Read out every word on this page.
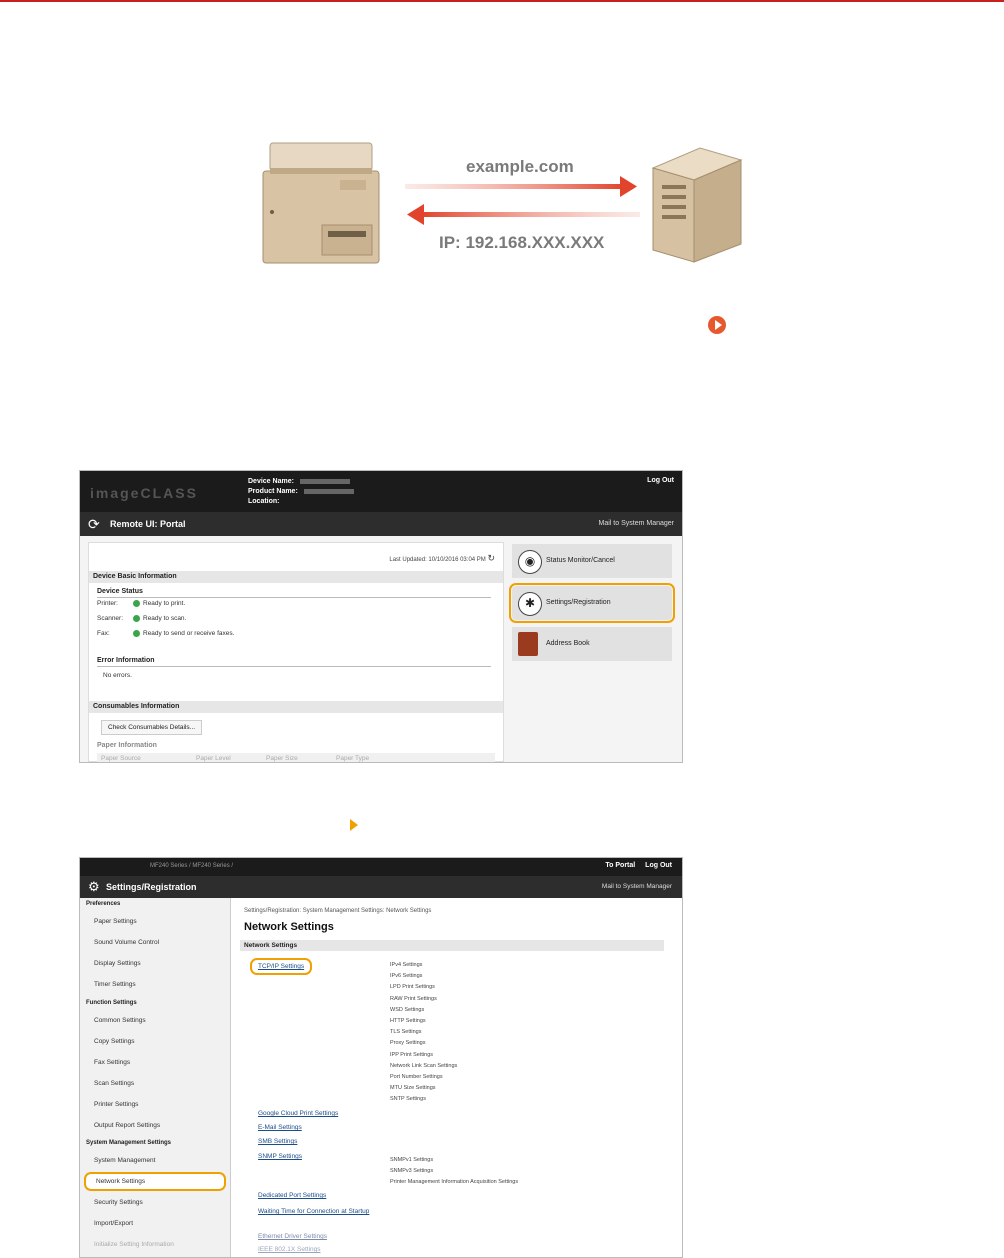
example.com
IP: 192.168.XXX.XXX
imageCLASS
Device Name:
Product Name:
Location:
Log Out
⟳ Remote UI: Portal	Mail to System Manager
Last Updated: 10/10/2016 03:04 PM ↻
Device Basic Information
Device Status
Printer:	Ready to print.
Scanner:	Ready to scan.
Fax:	Ready to send or receive faxes.
Error Information
No errors.
Consumables Information
Check Consumables Details...
Paper Information
Paper Source	Paper Level	Paper Size	Paper Type
◉	Status Monitor/Cancel
✱	Settings/Registration
Address Book
MF240 Series / MF240 Series /	To Portal Log Out
⚙ Settings/Registration	Mail to System Manager
Preferences
Paper Settings
Sound Volume Control
Display Settings
Timer Settings
Function Settings
Common Settings
Copy Settings
Fax Settings
Scan Settings
Printer Settings
Output Report Settings
System Management Settings
System Management
Network Settings
Security Settings
Import/Export
Initialize Setting Information
Settings/Registration: System Management Settings: Network Settings
Network Settings
Network Settings
TCP/IP Settings	IPv4 Settings
IPv6 Settings
LPD Print Settings
RAW Print Settings
WSD Settings
HTTP Settings
TLS Settings
Proxy Settings
IPP Print Settings
Network Link Scan Settings
Port Number Settings
MTU Size Settings
SNTP Settings
Google Cloud Print Settings
E-Mail Settings
SMB Settings
SNMP Settings	SNMPv1 Settings
SNMPv3 Settings
Printer Management Information Acquisition Settings
Dedicated Port Settings
Waiting Time for Connection at Startup
Ethernet Driver Settings
IEEE 802.1X Settings
